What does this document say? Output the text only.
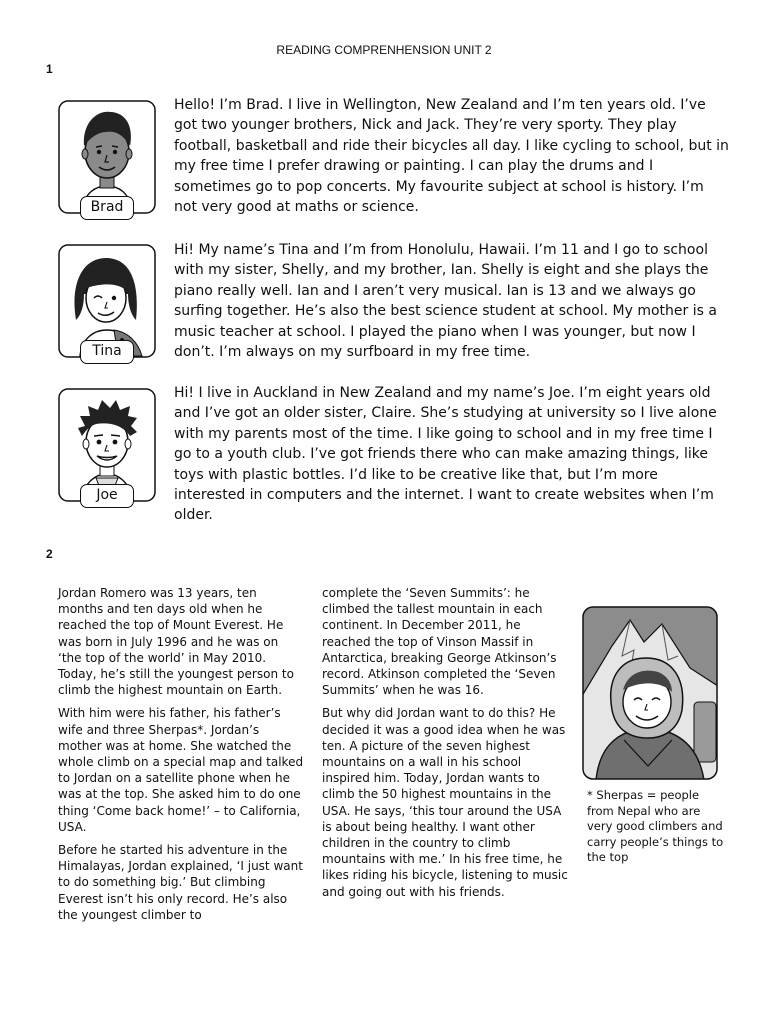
READING COMPRENHENSION UNIT 2
1
Brad

Hello! I’m Brad. I live in Wellington, New Zealand and I’m ten years old. I’ve got two younger brothers, Nick and Jack. They’re very sporty. They play football, basketball and ride their bicycles all day. I like cycling to school, but in my free time I prefer drawing or painting. I can play the drums and I sometimes go to pop concerts. My favourite subject at school is history. I’m not very good at maths or science.

Tina

Hi! My name’s Tina and I’m from Honolulu, Hawaii. I’m 11 and I go to school with my sister, Shelly, and my brother, Ian. Shelly is eight and she plays the piano really well. Ian and I aren’t very musical. Ian is 13 and we always go surfing together. He’s also the best science student at school. My mother is a music teacher at school. I played the piano when I was younger, but now I don’t. I’m always on my surfboard in my free time.

Joe

Hi! I live in Auckland in New Zealand and my name’s Joe. I’m eight years old and I’ve got an older sister, Claire. She’s studying at university so I live alone with my parents most of the time. I like going to school and in my free time I go to a youth club. I’ve got friends there who can make amazing things, like toys with plastic bottles. I’d like to be creative like that, but I’m more interested in computers and the internet. I want to create websites when I’m older.

2

Jordan Romero was 13 years, ten months and ten days old when he reached the top of Mount Everest. He was born in July 1996 and he was on ‘the top of the world’ in May 2010. Today, he’s still the youngest person to climb the highest mountain on Earth.

With him were his father, his father’s wife and three Sherpas*. Jordan’s mother was at home. She watched the whole climb on a special map and talked to Jordan on a satellite phone when he was at the top. She asked him to do one thing ‘Come back home!’ – to California, USA.

Before he started his adventure in the Himalayas, Jordan explained, ‘I just want to do something big.’ But climbing Everest isn’t his only record. He’s also the youngest climber to

complete the ‘Seven Summits’: he climbed the tallest mountain in each continent. In December 2011, he reached the top of Vinson Massif in Antarctica, breaking George Atkinson’s record. Atkinson completed the ‘Seven Summits’ when he was 16.

But why did Jordan want to do this? He decided it was a good idea when he was ten. A picture of the seven highest mountains on a wall in his school inspired him. Today, Jordan wants to climb the 50 highest mountains in the USA. He says, ‘this tour around the USA is about being healthy. I want other children in the country to climb mountains with me.’ In his free time, he likes riding his bicycle, listening to music and going out with his friends.

* Sherpas = people from Nepal who are very good climbers and carry people’s things to the top
